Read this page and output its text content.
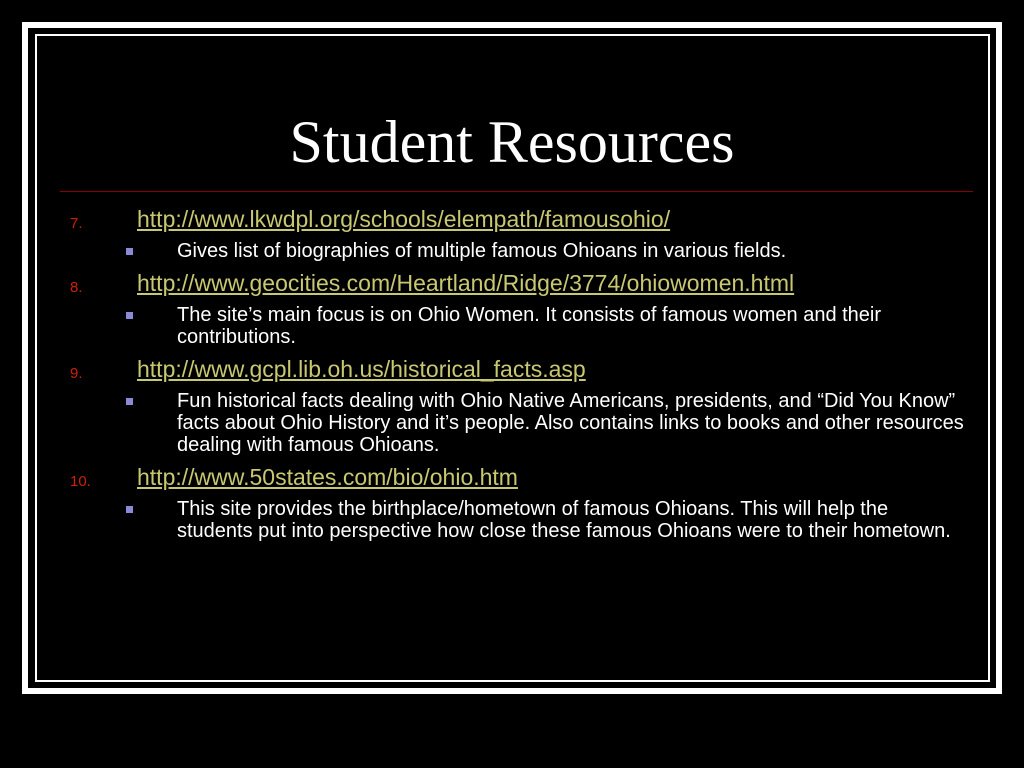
Student Resources
7. http://www.lkwdpl.org/schools/elempath/famousohio/
Gives list of biographies of multiple famous Ohioans in various fields.
8. http://www.geocities.com/Heartland/Ridge/3774/ohiowomen.html
The site’s main focus is on Ohio Women. It consists of famous women and their contributions.
9. http://www.gcpl.lib.oh.us/historical_facts.asp
Fun historical facts dealing with Ohio Native Americans, presidents, and “Did You Know” facts about Ohio History and it’s people. Also contains links to books and other resources dealing with famous Ohioans.
10. http://www.50states.com/bio/ohio.htm
This site provides the birthplace/hometown of famous Ohioans. This will help the students put into perspective how close these famous Ohioans were to their hometown.
